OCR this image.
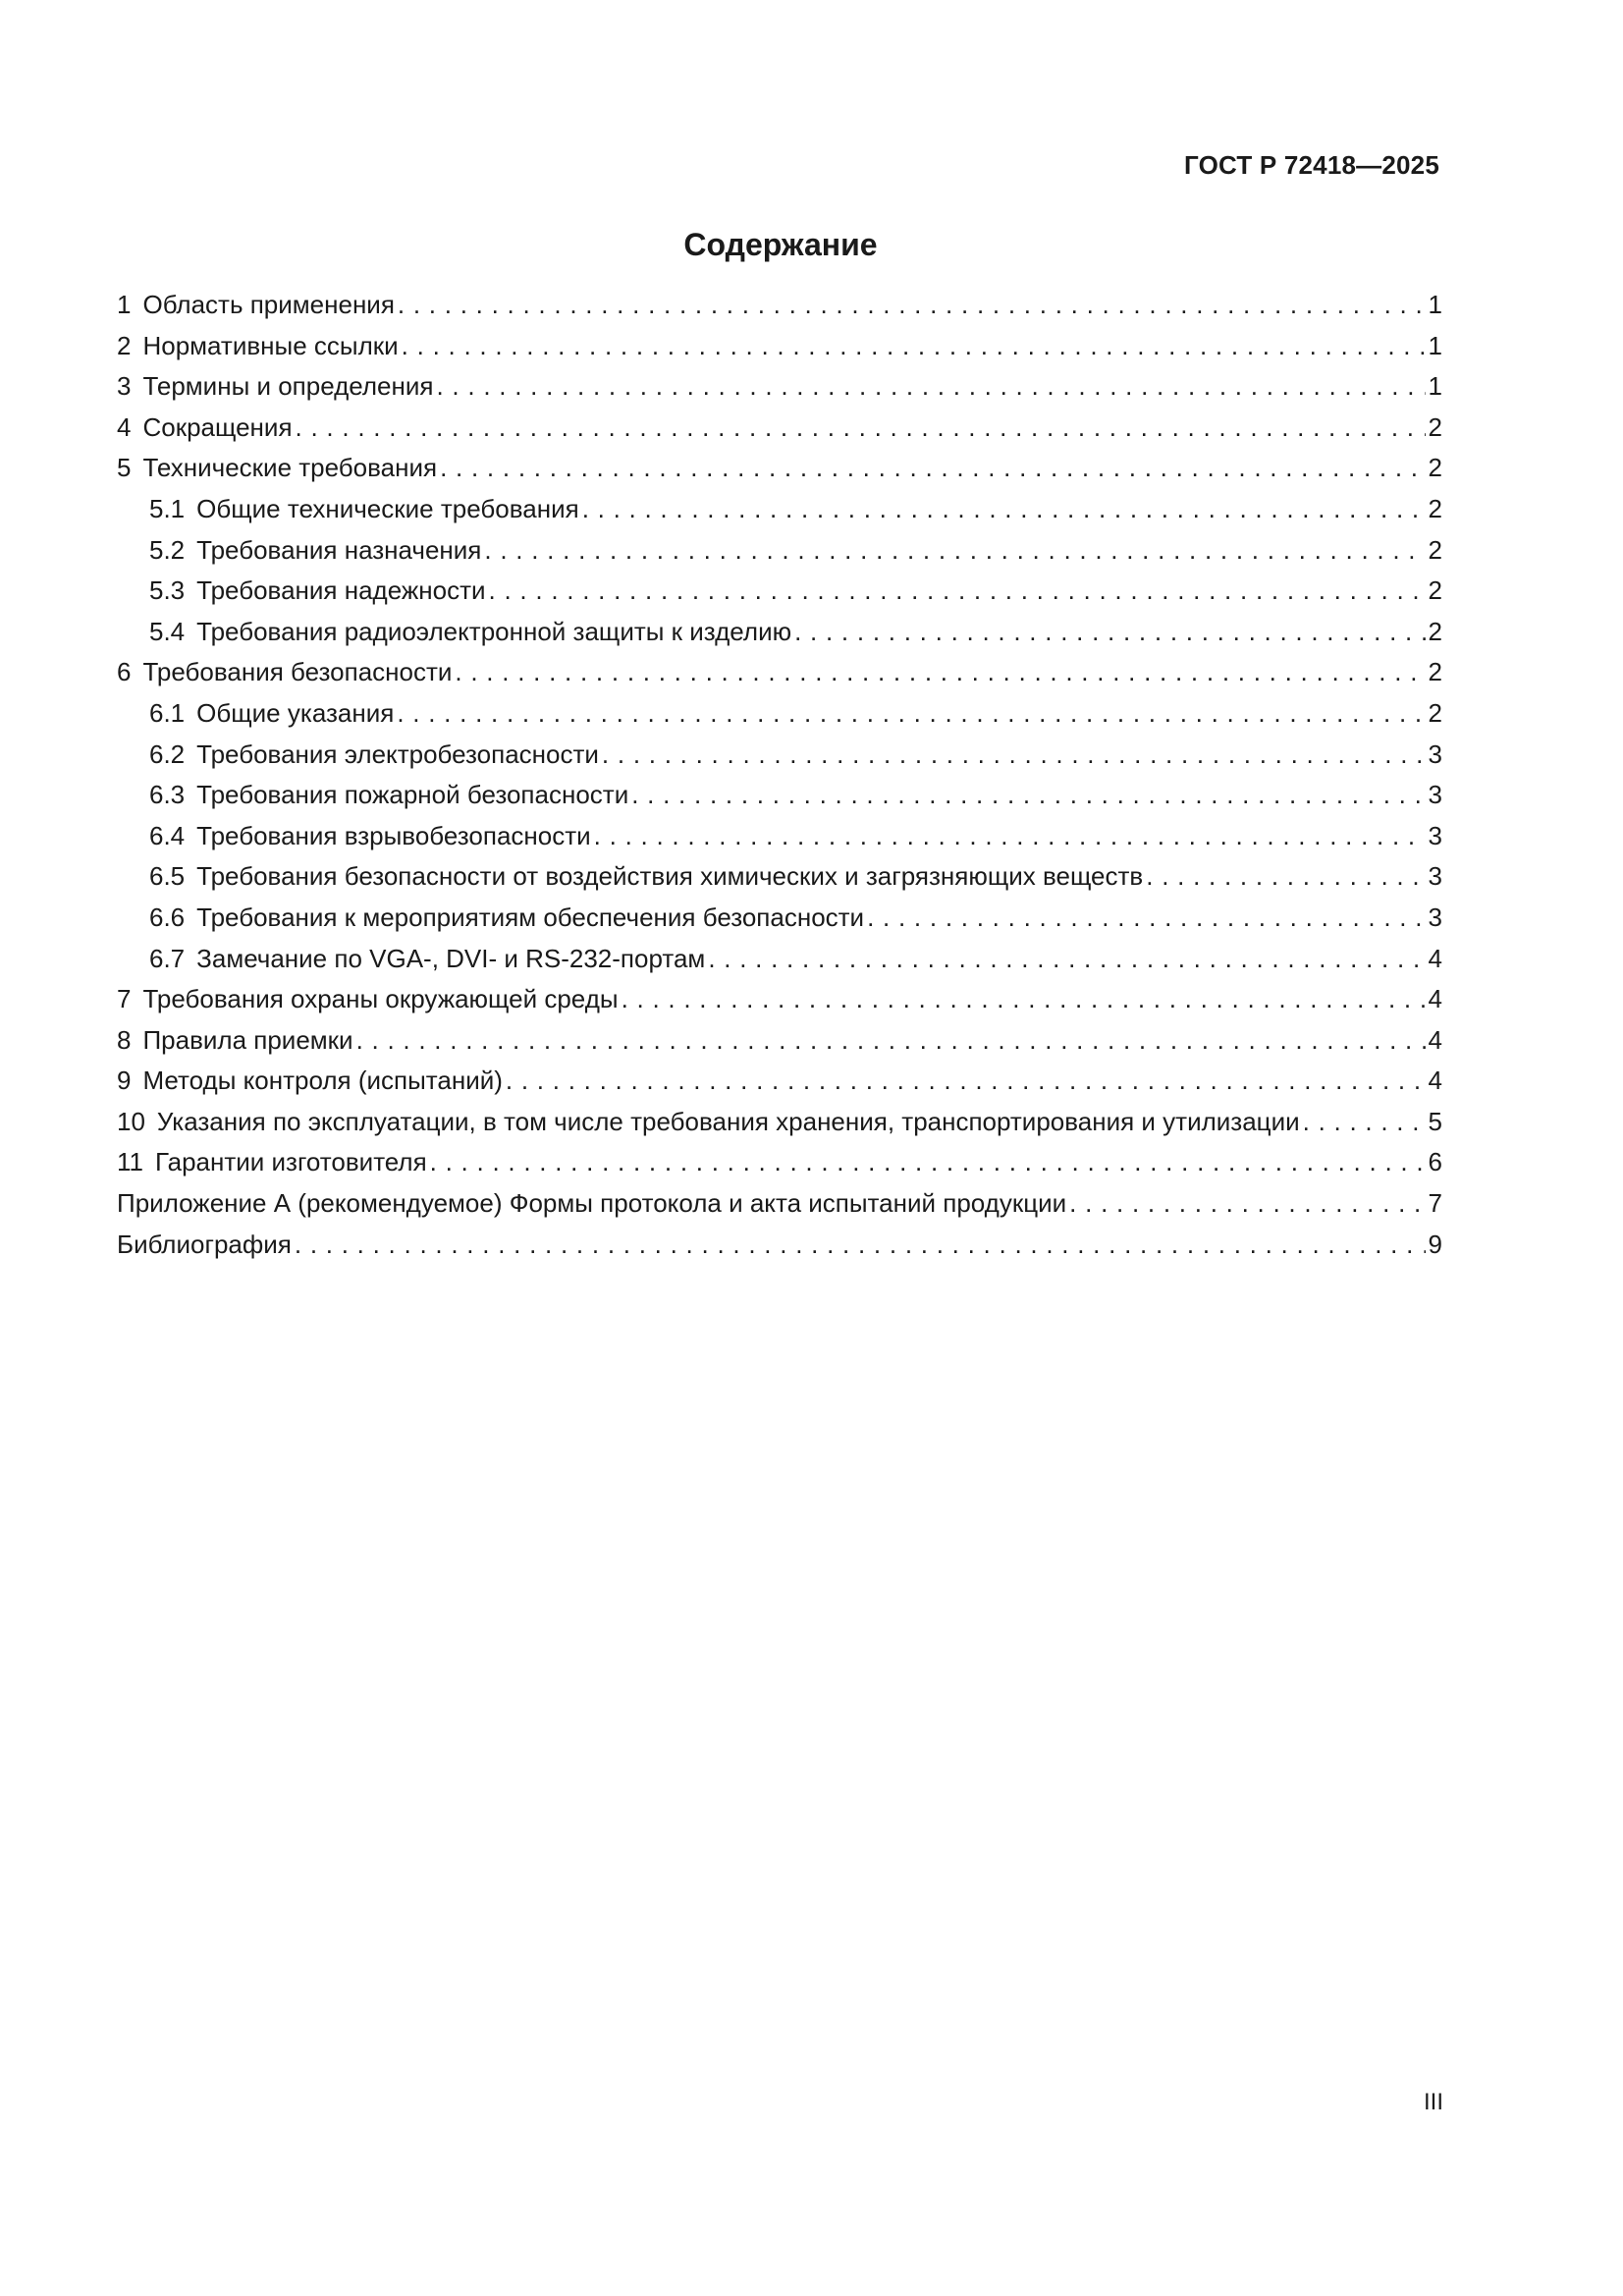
ГОСТ Р 72418—2025
Содержание
1 Область применения . . .	1
2 Нормативные ссылки . . .	1
3 Термины и определения . . .	1
4 Сокращения . . .	2
5 Технические требования . . .	2
5.1 Общие технические требования . . .	2
5.2 Требования назначения . . .	2
5.3 Требования надежности . . .	2
5.4 Требования радиоэлектронной защиты к изделию . . .	2
6 Требования безопасности . . .	2
6.1 Общие указания . . .	2
6.2 Требования электробезопасности . . .	3
6.3 Требования пожарной безопасности . . .	3
6.4 Требования взрывобезопасности . . .	3
6.5 Требования безопасности от воздействия химических и загрязняющих веществ . . .	3
6.6 Требования к мероприятиям обеспечения безопасности . . .	3
6.7 Замечание по VGA-, DVI- и RS-232-портам . . .	4
7 Требования охраны окружающей среды . . .	4
8 Правила приемки . . .	4
9 Методы контроля (испытаний) . . .	4
10 Указания по эксплуатации, в том числе требования хранения, транспортирования и утилизации . . .	5
11 Гарантии изготовителя . . .	6
Приложение А (рекомендуемое) Формы протокола и акта испытаний продукции . . .	7
Библиография . . .	9
III
